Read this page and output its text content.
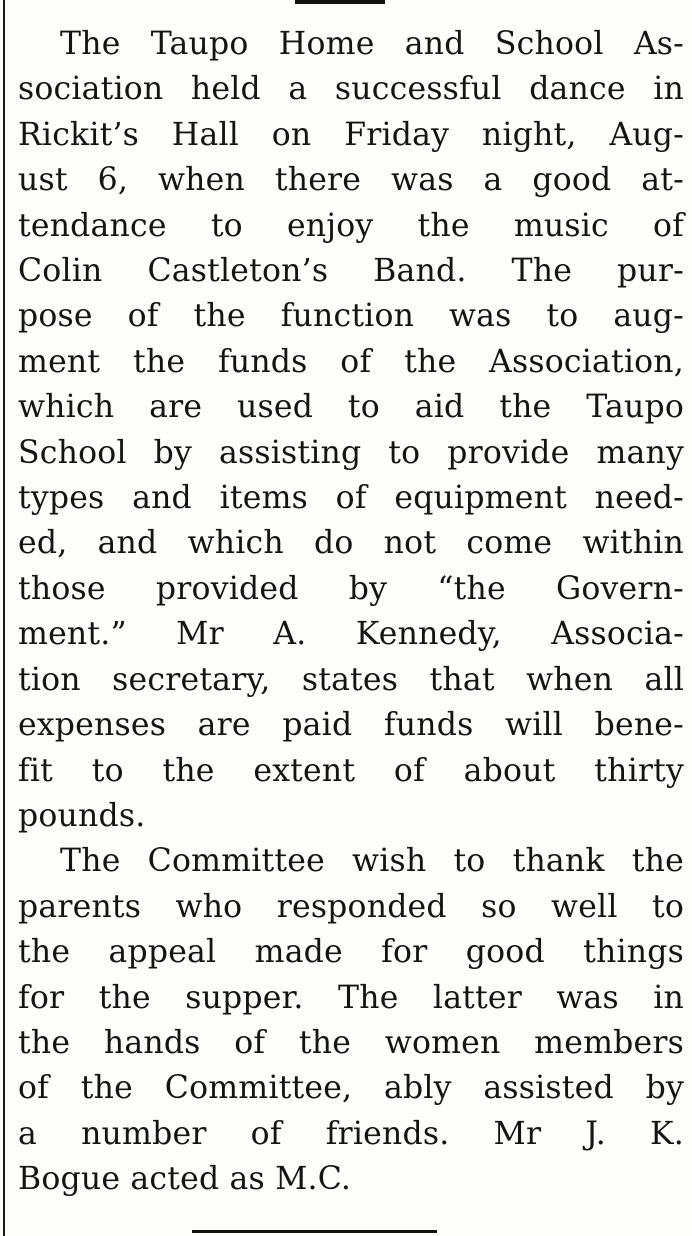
The Taupo Home and School As-
sociation held a successful dance in
Rickit’s Hall on Friday night, Aug-
ust 6, when there was a good at-
tendance to enjoy the music of
Colin Castleton’s Band. The pur-
pose of the function was to aug-
ment the funds of the Association,
which are used to aid the Taupo
School by assisting to provide many
types and items of equipment need-
ed, and which do not come within
those provided by “the Govern-
ment.” Mr A. Kennedy, Associa-
tion secretary, states that when all
expenses are paid funds will bene-
fit to the extent of about thirty
pounds.

The Committee wish to thank the
parents who responded so well to
the appeal made for good things
for the supper. The latter was in
the hands of the women members
of the Committee, ably assisted by
a number of friends. Mr J. K.
Bogue acted as M.C.
